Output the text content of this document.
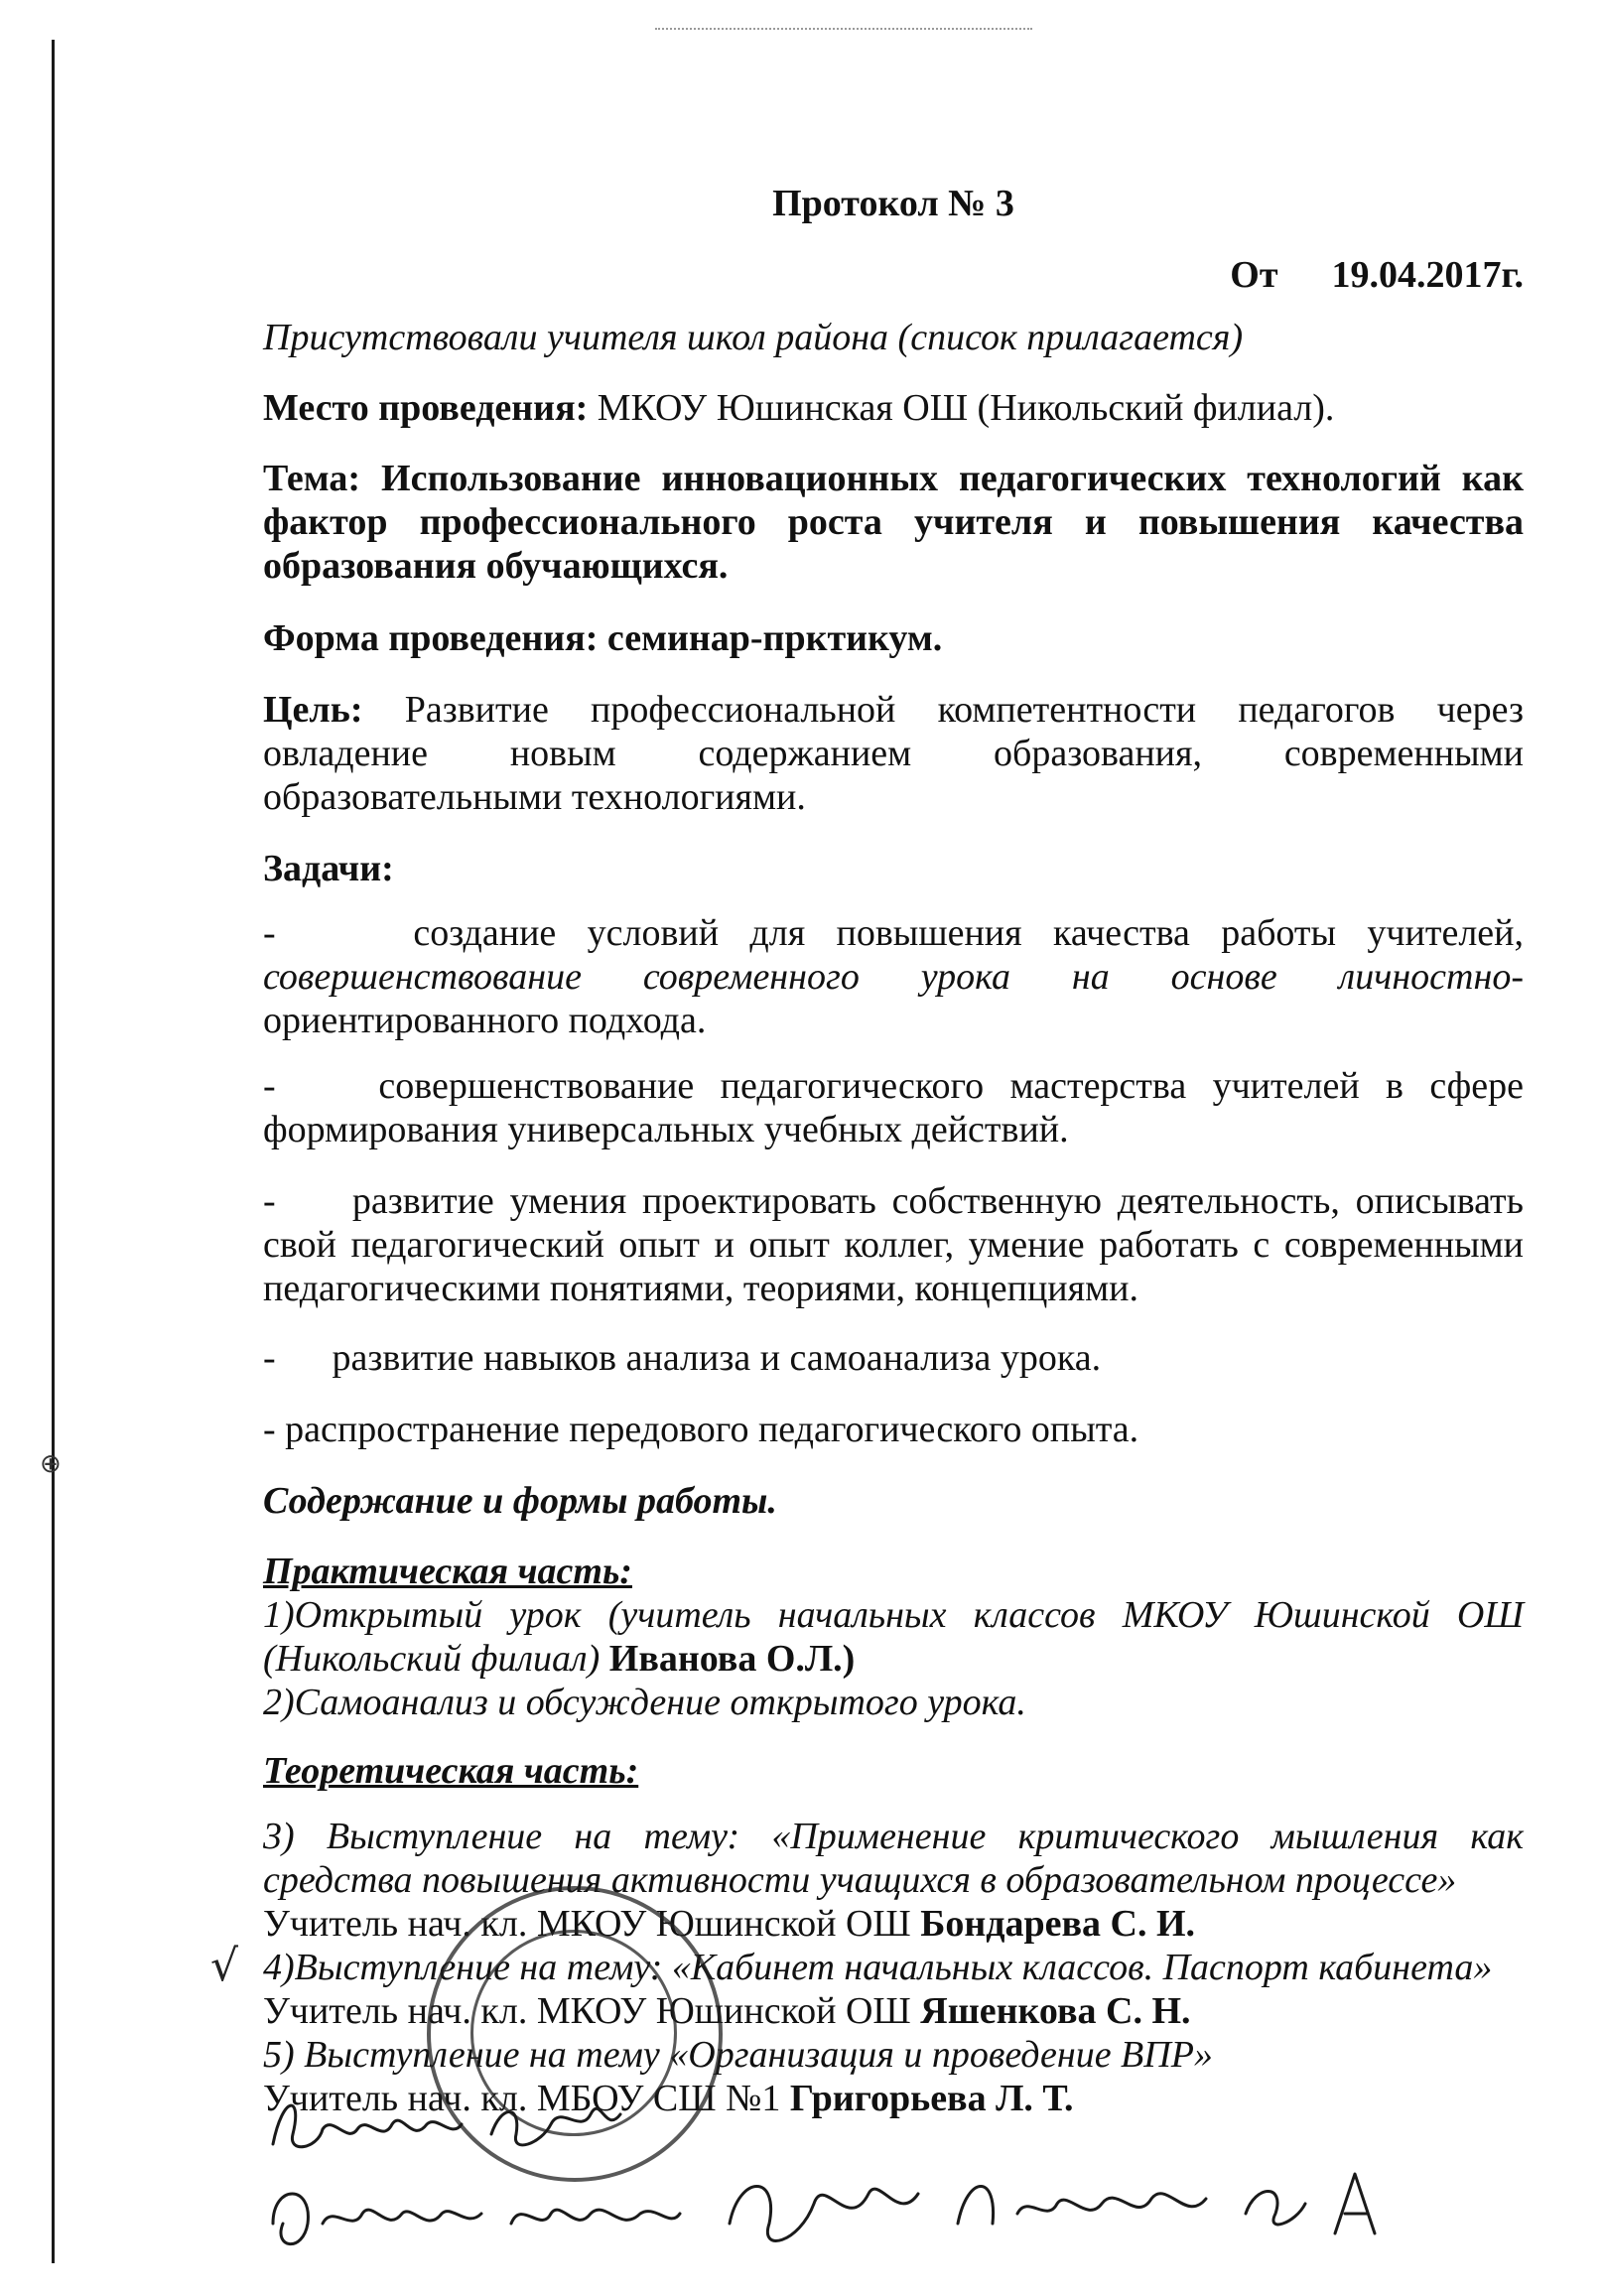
Протокол № 3
От 19.04.2017г.
Присутствовали учителя школ района (список прилагается)
Место проведения: МКОУ Юшинская ОШ (Никольский филиал).
Тема: Использование инновационных педагогических технологий как фактор профессионального роста учителя и повышения качества образования обучающихся.
Форма проведения: семинар-прктикум.
Цель: Развитие профессиональной компетентности педагогов через овладение новым содержанием образования, современными образовательными технологиями.
Задачи:
-	создание условий для повышения качества работы учителей, совершенствование современного урока на основе личностно- ориентированного подхода.
-	совершенствование педагогического мастерства учителей в сфере формирования универсальных учебных действий.
- развитие умения проектировать собственную деятельность, описывать свой педагогический опыт и опыт коллег, умение работать с современными педагогическими понятиями, теориями, концепциями.
- развитие навыков анализа и самоанализа урока.
- распространение передового педагогического опыта.
Содержание и формы работы.
Практическая часть:
1)Открытый урок (учитель начальных классов МКОУ Юшинской ОШ (Никольский филиал) Иванова О.Л.)
2)Самоанализ и обсуждение открытого урока.
Теоретическая часть:
3) Выступление на тему: «Применение критического мышления как средства повышения активности учащихся в образовательном процессе»
Учитель нач. кл. МКОУ Юшинской ОШ Бондарева С. И.
4)Выступление на тему: «Кабинет начальных классов. Паспорт кабинета»
Учитель нач. кл. МКОУ Юшинской ОШ Яшенкова С. Н.
5) Выступление на тему «Организация и проведение ВПР»
Учитель нач. кл. МБОУ СШ №1 Григорьева Л. Т.
√
⊕
